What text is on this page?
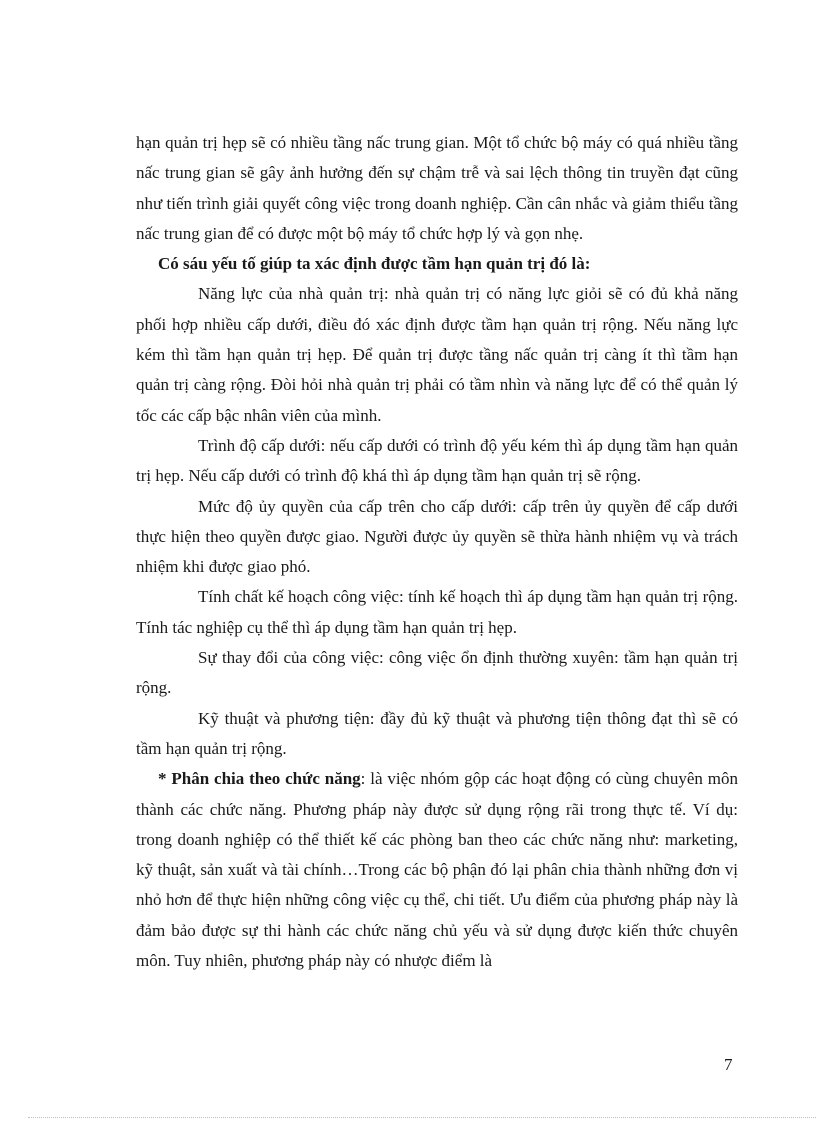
hạn quản trị hẹp sẽ có nhiều tầng nấc trung gian. Một tổ chức bộ máy có quá nhiều tầng nấc trung gian sẽ gây ảnh hưởng đến sự chậm trễ và sai lệch thông tin truyền đạt cũng như tiến trình giải quyết công việc trong doanh nghiệp. Cần cân nhắc và giảm thiểu tầng nấc trung gian để có được một bộ máy tổ chức hợp lý và gọn nhẹ.

Có sáu yếu tố giúp ta xác định được tầm hạn quản trị đó là:

Năng lực của nhà quản trị: nhà quản trị có năng lực giỏi sẽ có đủ khả năng phối hợp nhiều cấp dưới, điều đó xác định được tầm hạn quản trị rộng. Nếu năng lực kém thì tầm hạn quản trị hẹp. Để quản trị được tầng nấc quản trị càng ít thì tầm hạn quản trị càng rộng. Đòi hỏi nhà quản trị phải có tầm nhìn và năng lực để có thể quản lý tốc các cấp bậc nhân viên của mình.

Trình độ cấp dưới: nếu cấp dưới có trình độ yếu kém thì áp dụng tầm hạn quản trị hẹp. Nếu cấp dưới có trình độ khá thì áp dụng tầm hạn quản trị sẽ rộng.

Mức độ ủy quyền của cấp trên cho cấp dưới: cấp trên ủy quyền để cấp dưới thực hiện theo quyền được giao. Người được ủy quyền sẽ thừa hành nhiệm vụ và trách nhiệm khi được giao phó.

Tính chất kế hoạch công việc: tính kế hoạch thì áp dụng tầm hạn quản trị rộng. Tính tác nghiệp cụ thể thì áp dụng tầm hạn quản trị hẹp.

Sự thay đổi của công việc: công việc ổn định thường xuyên: tầm hạn quản trị rộng.

Kỹ thuật và phương tiện: đầy đủ kỹ thuật và phương tiện thông đạt thì sẽ có tầm hạn quản trị rộng.

* Phân chia theo chức năng: là việc nhóm gộp các hoạt động có cùng chuyên môn thành các chức năng. Phương pháp này được sử dụng rộng rãi trong thực tế. Ví dụ: trong doanh nghiệp có thể thiết kế các phòng ban theo các chức năng như: marketing, kỹ thuật, sản xuất và tài chính…Trong các bộ phận đó lại phân chia thành những đơn vị nhỏ hơn để thực hiện những công việc cụ thể, chi tiết. Ưu điểm của phương pháp này là đảm bảo được sự thi hành các chức năng chủ yếu và sử dụng được kiến thức chuyên môn. Tuy nhiên, phương pháp này có nhược điểm là

7
